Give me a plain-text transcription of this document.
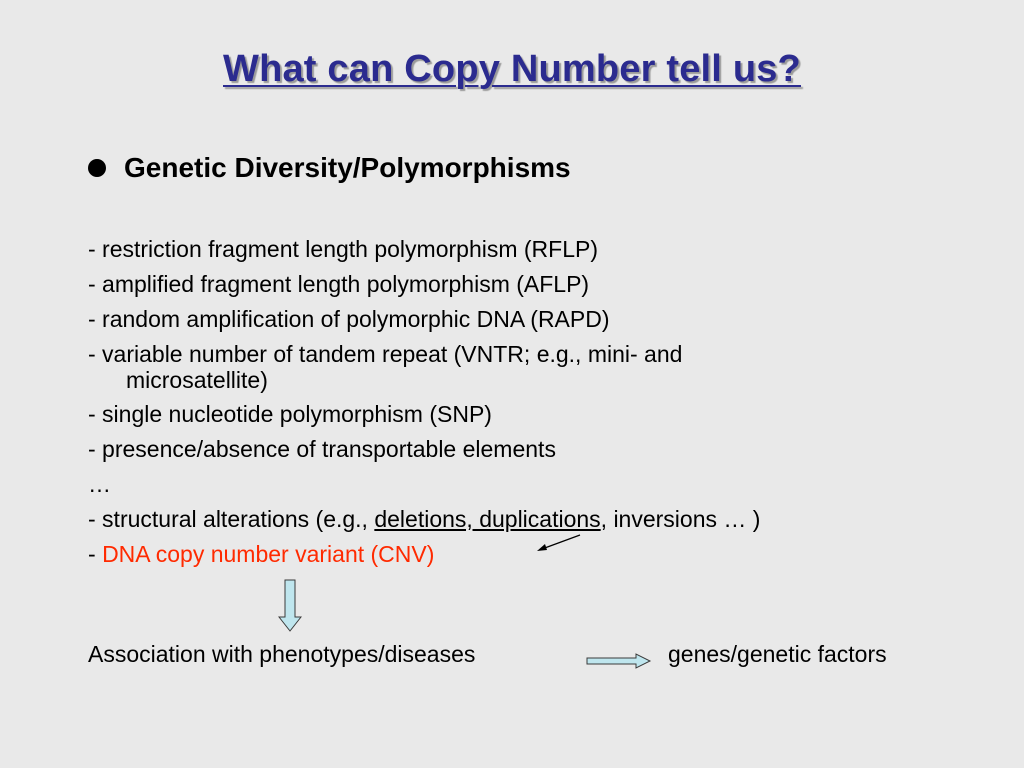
What can Copy Number tell us?
Genetic Diversity/Polymorphisms
- restriction fragment length polymorphism (RFLP)
- amplified fragment length polymorphism (AFLP)
- random amplification of polymorphic DNA (RAPD)
- variable number of tandem repeat (VNTR; e.g., mini- and
microsatellite)
- single nucleotide polymorphism (SNP)
- presence/absence of transportable elements
…
- structural alterations (e.g., deletions, duplications, inversions … )
- DNA copy number variant (CNV)
Association with phenotypes/diseases	genes/genetic factors
